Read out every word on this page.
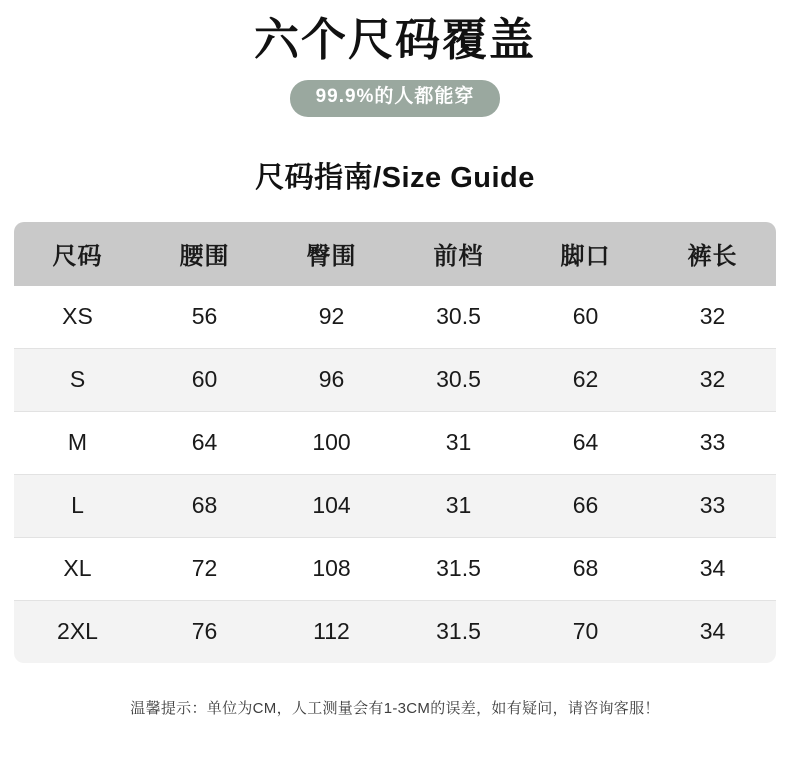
六个尺码覆盖
99.9%的人都能穿
尺码指南/Size Guide
尺码	腰围	臀围	前档	脚口	裤长
XS	56	92	30.5	60	32
S	60	96	30.5	62	32
M	64	100	31	64	33
L	68	104	31	66	33
XL	72	108	31.5	68	34
2XL	76	112	31.5	70	34
温馨提示：单位为CM，人工测量会有1-3CM的误差，如有疑问，请咨询客服！
